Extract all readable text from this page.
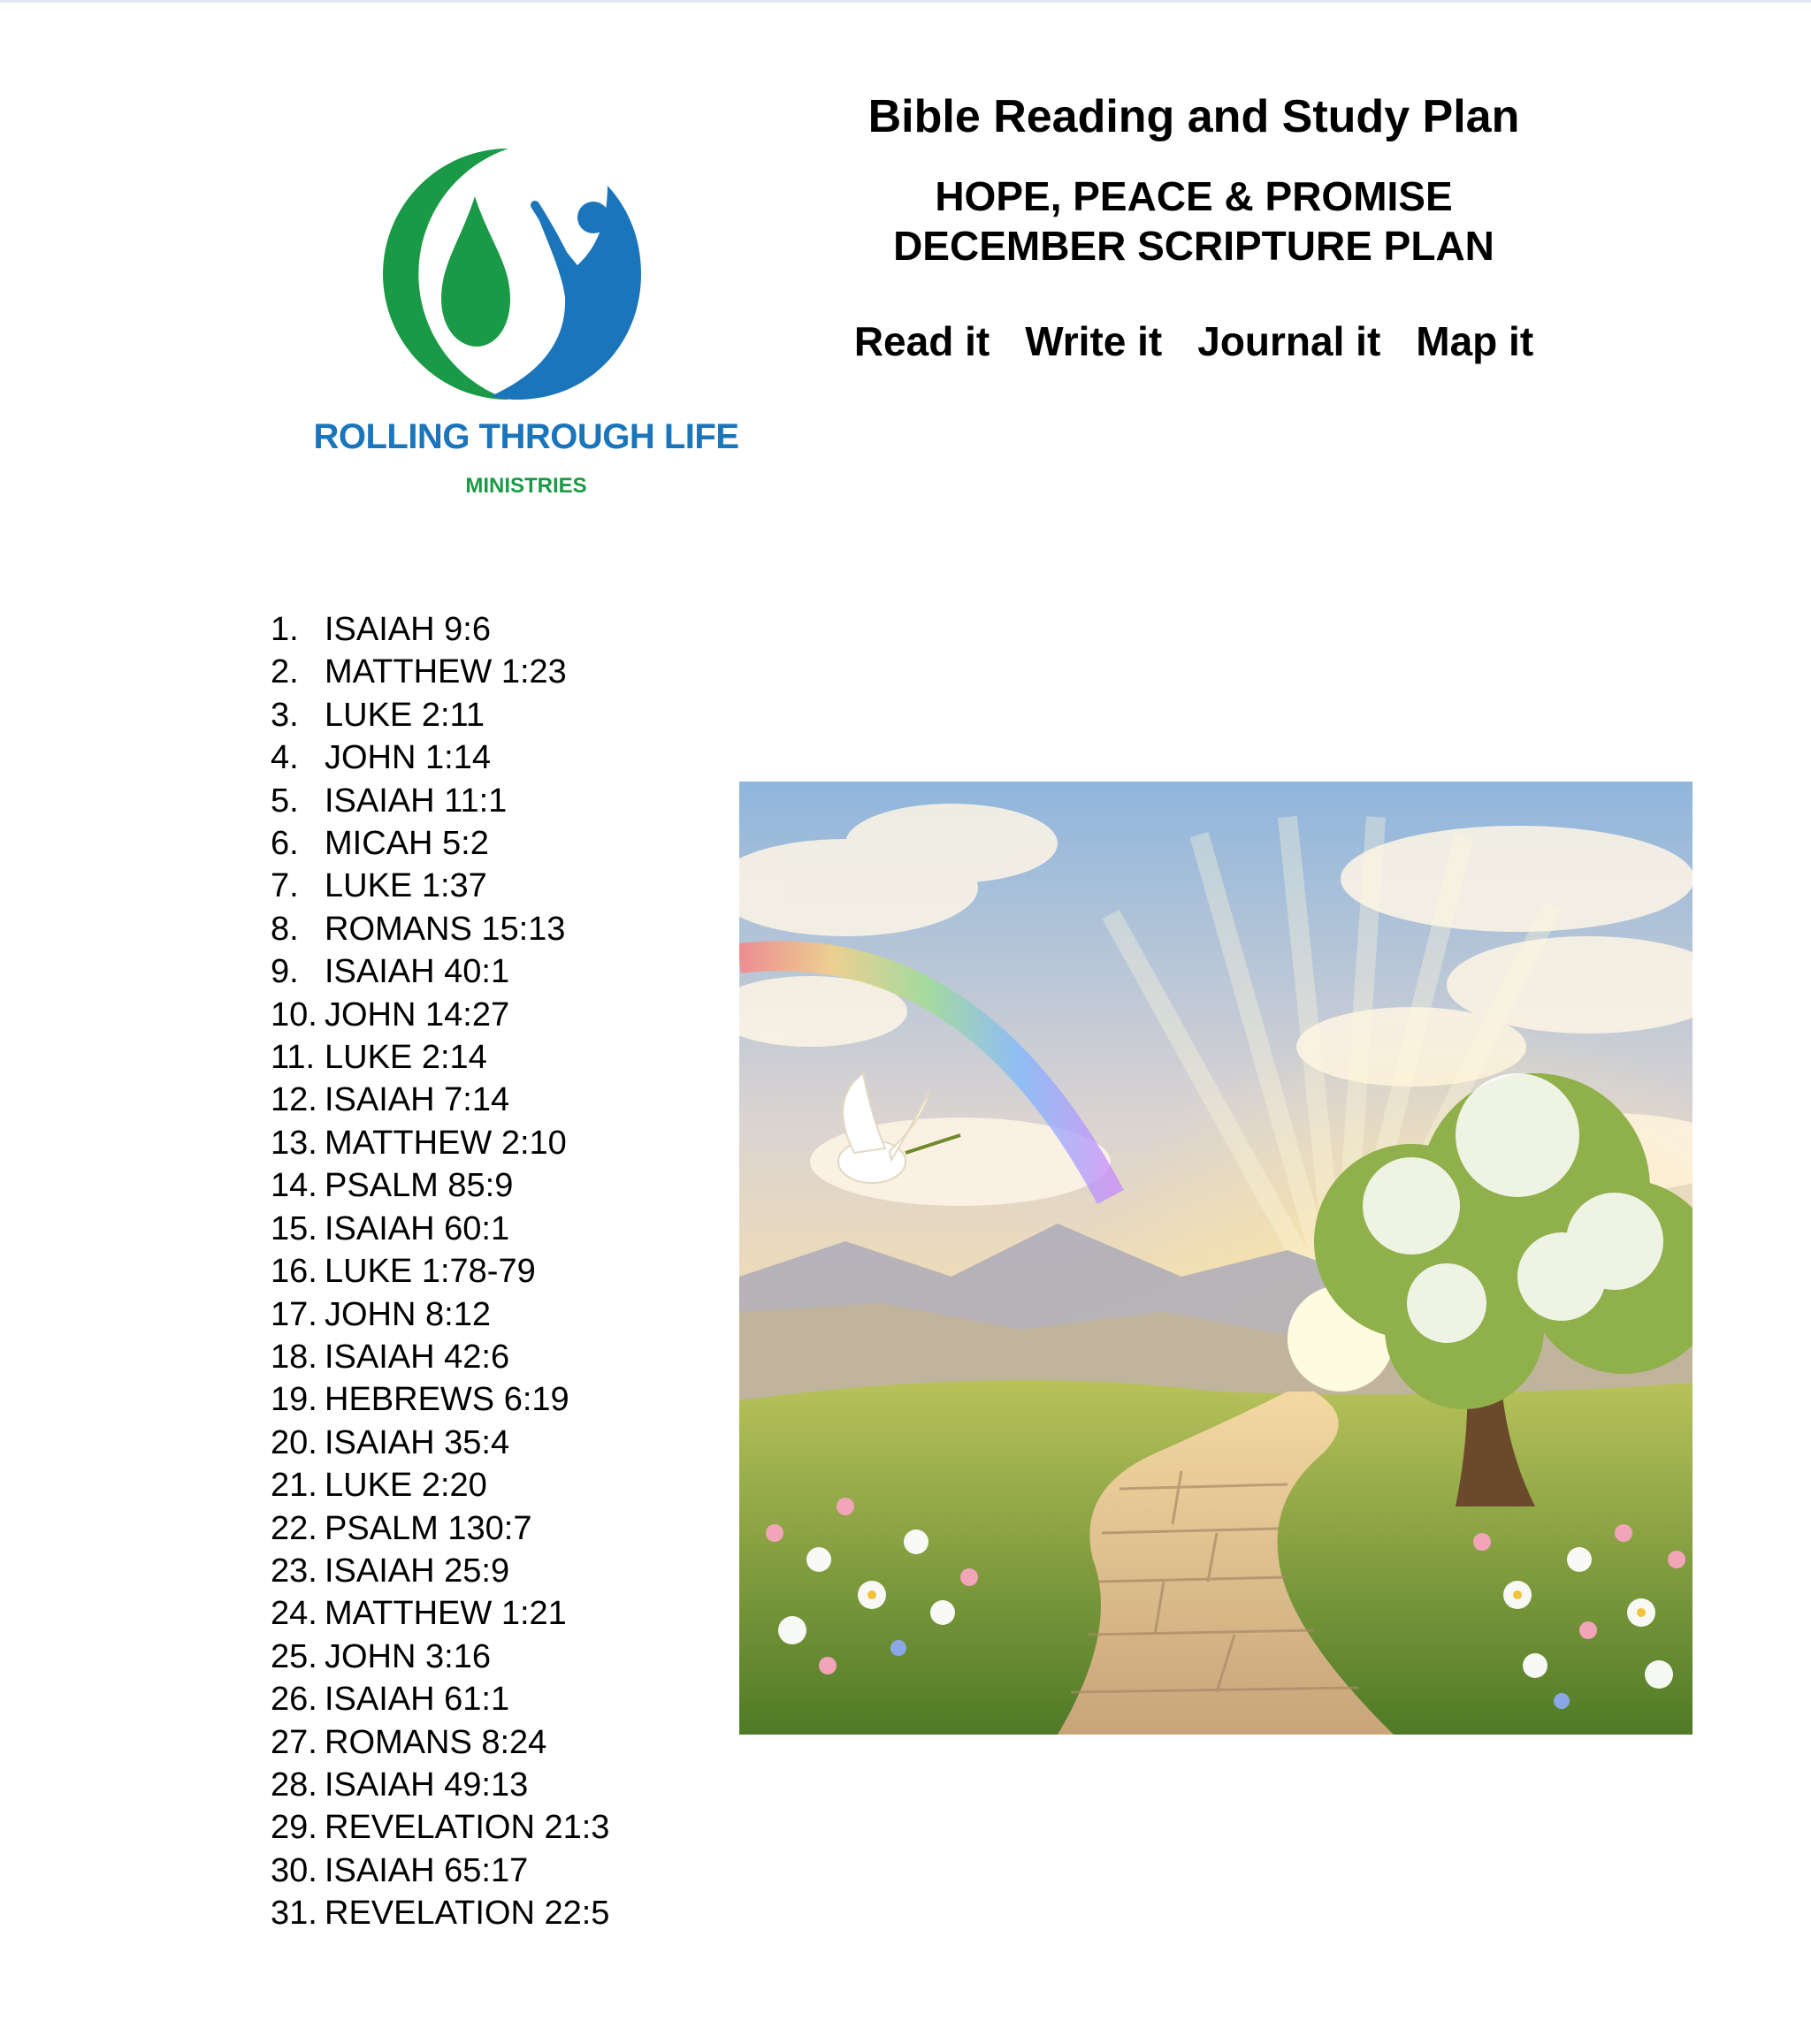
ROLLING THROUGH LIFE
MINISTRIES
Bible Reading and Study Plan
HOPE, PEACE & PROMISE
DECEMBER SCRIPTURE PLAN
Read it Write it Journal it Map it
1. ISAIAH 9:6
2. MATTHEW 1:23
3. LUKE 2:11
4. JOHN 1:14
5. ISAIAH 11:1
6. MICAH 5:2
7. LUKE 1:37
8. ROMANS 15:13
9. ISAIAH 40:1
10. JOHN 14:27
11. LUKE 2:14
12. ISAIAH 7:14
13. MATTHEW 2:10
14. PSALM 85:9
15. ISAIAH 60:1
16. LUKE 1:78-79
17. JOHN 8:12
18. ISAIAH 42:6
19. HEBREWS 6:19
20. ISAIAH 35:4
21. LUKE 2:20
22. PSALM 130:7
23. ISAIAH 25:9
24. MATTHEW 1:21
25. JOHN 3:16
26. ISAIAH 61:1
27. ROMANS 8:24
28. ISAIAH 49:13
29. REVELATION 21:3
30. ISAIAH 65:17
31. REVELATION 22:5
